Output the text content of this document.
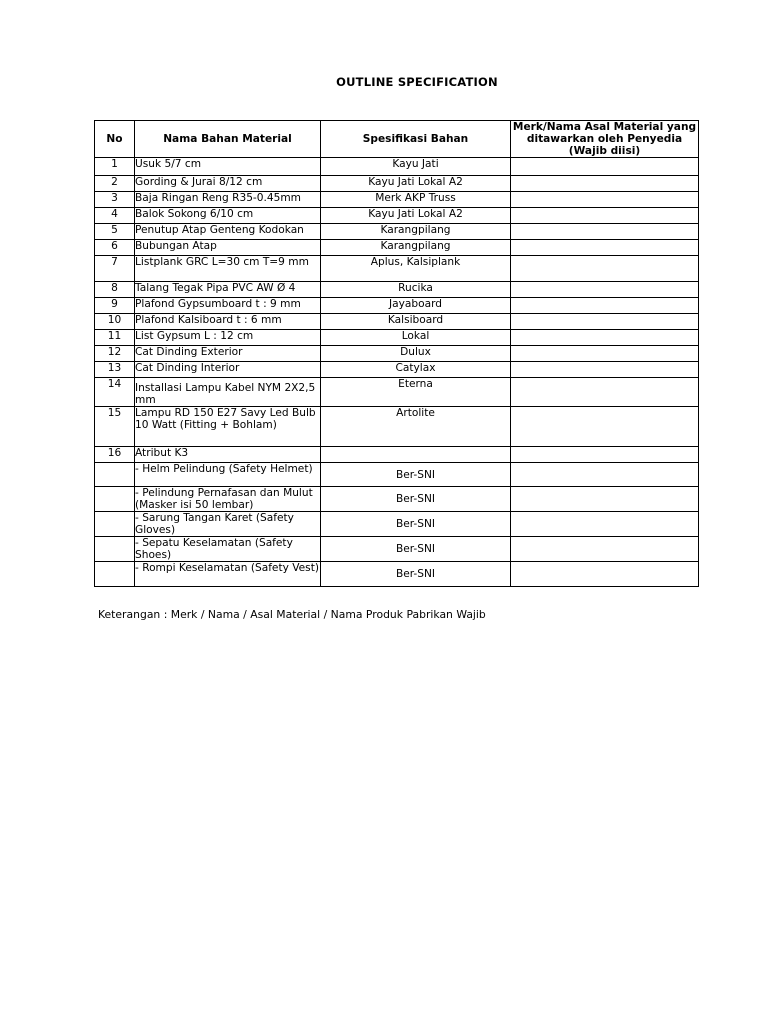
OUTLINE SPECIFICATION
No	Nama Bahan Material	Spesifikasi Bahan	Merk/Nama Asal Material yang ditawarkan oleh Penyedia (Wajib diisi)
1	Usuk 5/7 cm	Kayu Jati	
2	Gording & Jurai 8/12 cm	Kayu Jati Lokal A2	
3	Baja Ringan Reng R35-0.45mm	Merk AKP Truss	
4	Balok Sokong 6/10 cm	Kayu Jati Lokal A2	
5	Penutup Atap Genteng Kodokan	Karangpilang	
6	Bubungan Atap	Karangpilang	
7	Listplank GRC L=30 cm T=9 mm	Aplus, Kalsiplank	
8	Talang Tegak Pipa PVC AW Ø 4	Rucika	
9	Plafond Gypsumboard t : 9 mm	Jayaboard	
10	Plafond Kalsiboard t : 6 mm	Kalsiboard	
11	List Gypsum L : 12 cm	Lokal	
12	Cat Dinding Exterior	Dulux	
13	Cat Dinding Interior	Catylax	
14	Installasi Lampu Kabel NYM 2X2,5 mm	Eterna	
15	Lampu RD 150 E27 Savy Led Bulb 10 Watt (Fitting + Bohlam)	Artolite	
16	Atribut K3		
	- Helm Pelindung (Safety Helmet)	Ber-SNI	
	- Pelindung Pernafasan dan Mulut (Masker isi 50 lembar)	Ber-SNI	
	- Sarung Tangan Karet (Safety Gloves)	Ber-SNI	
	- Sepatu Keselamatan (Safety Shoes)	Ber-SNI	
	- Rompi Keselamatan (Safety Vest)	Ber-SNI	
Keterangan : Merk / Nama / Asal Material / Nama Produk Pabrikan Wajib
